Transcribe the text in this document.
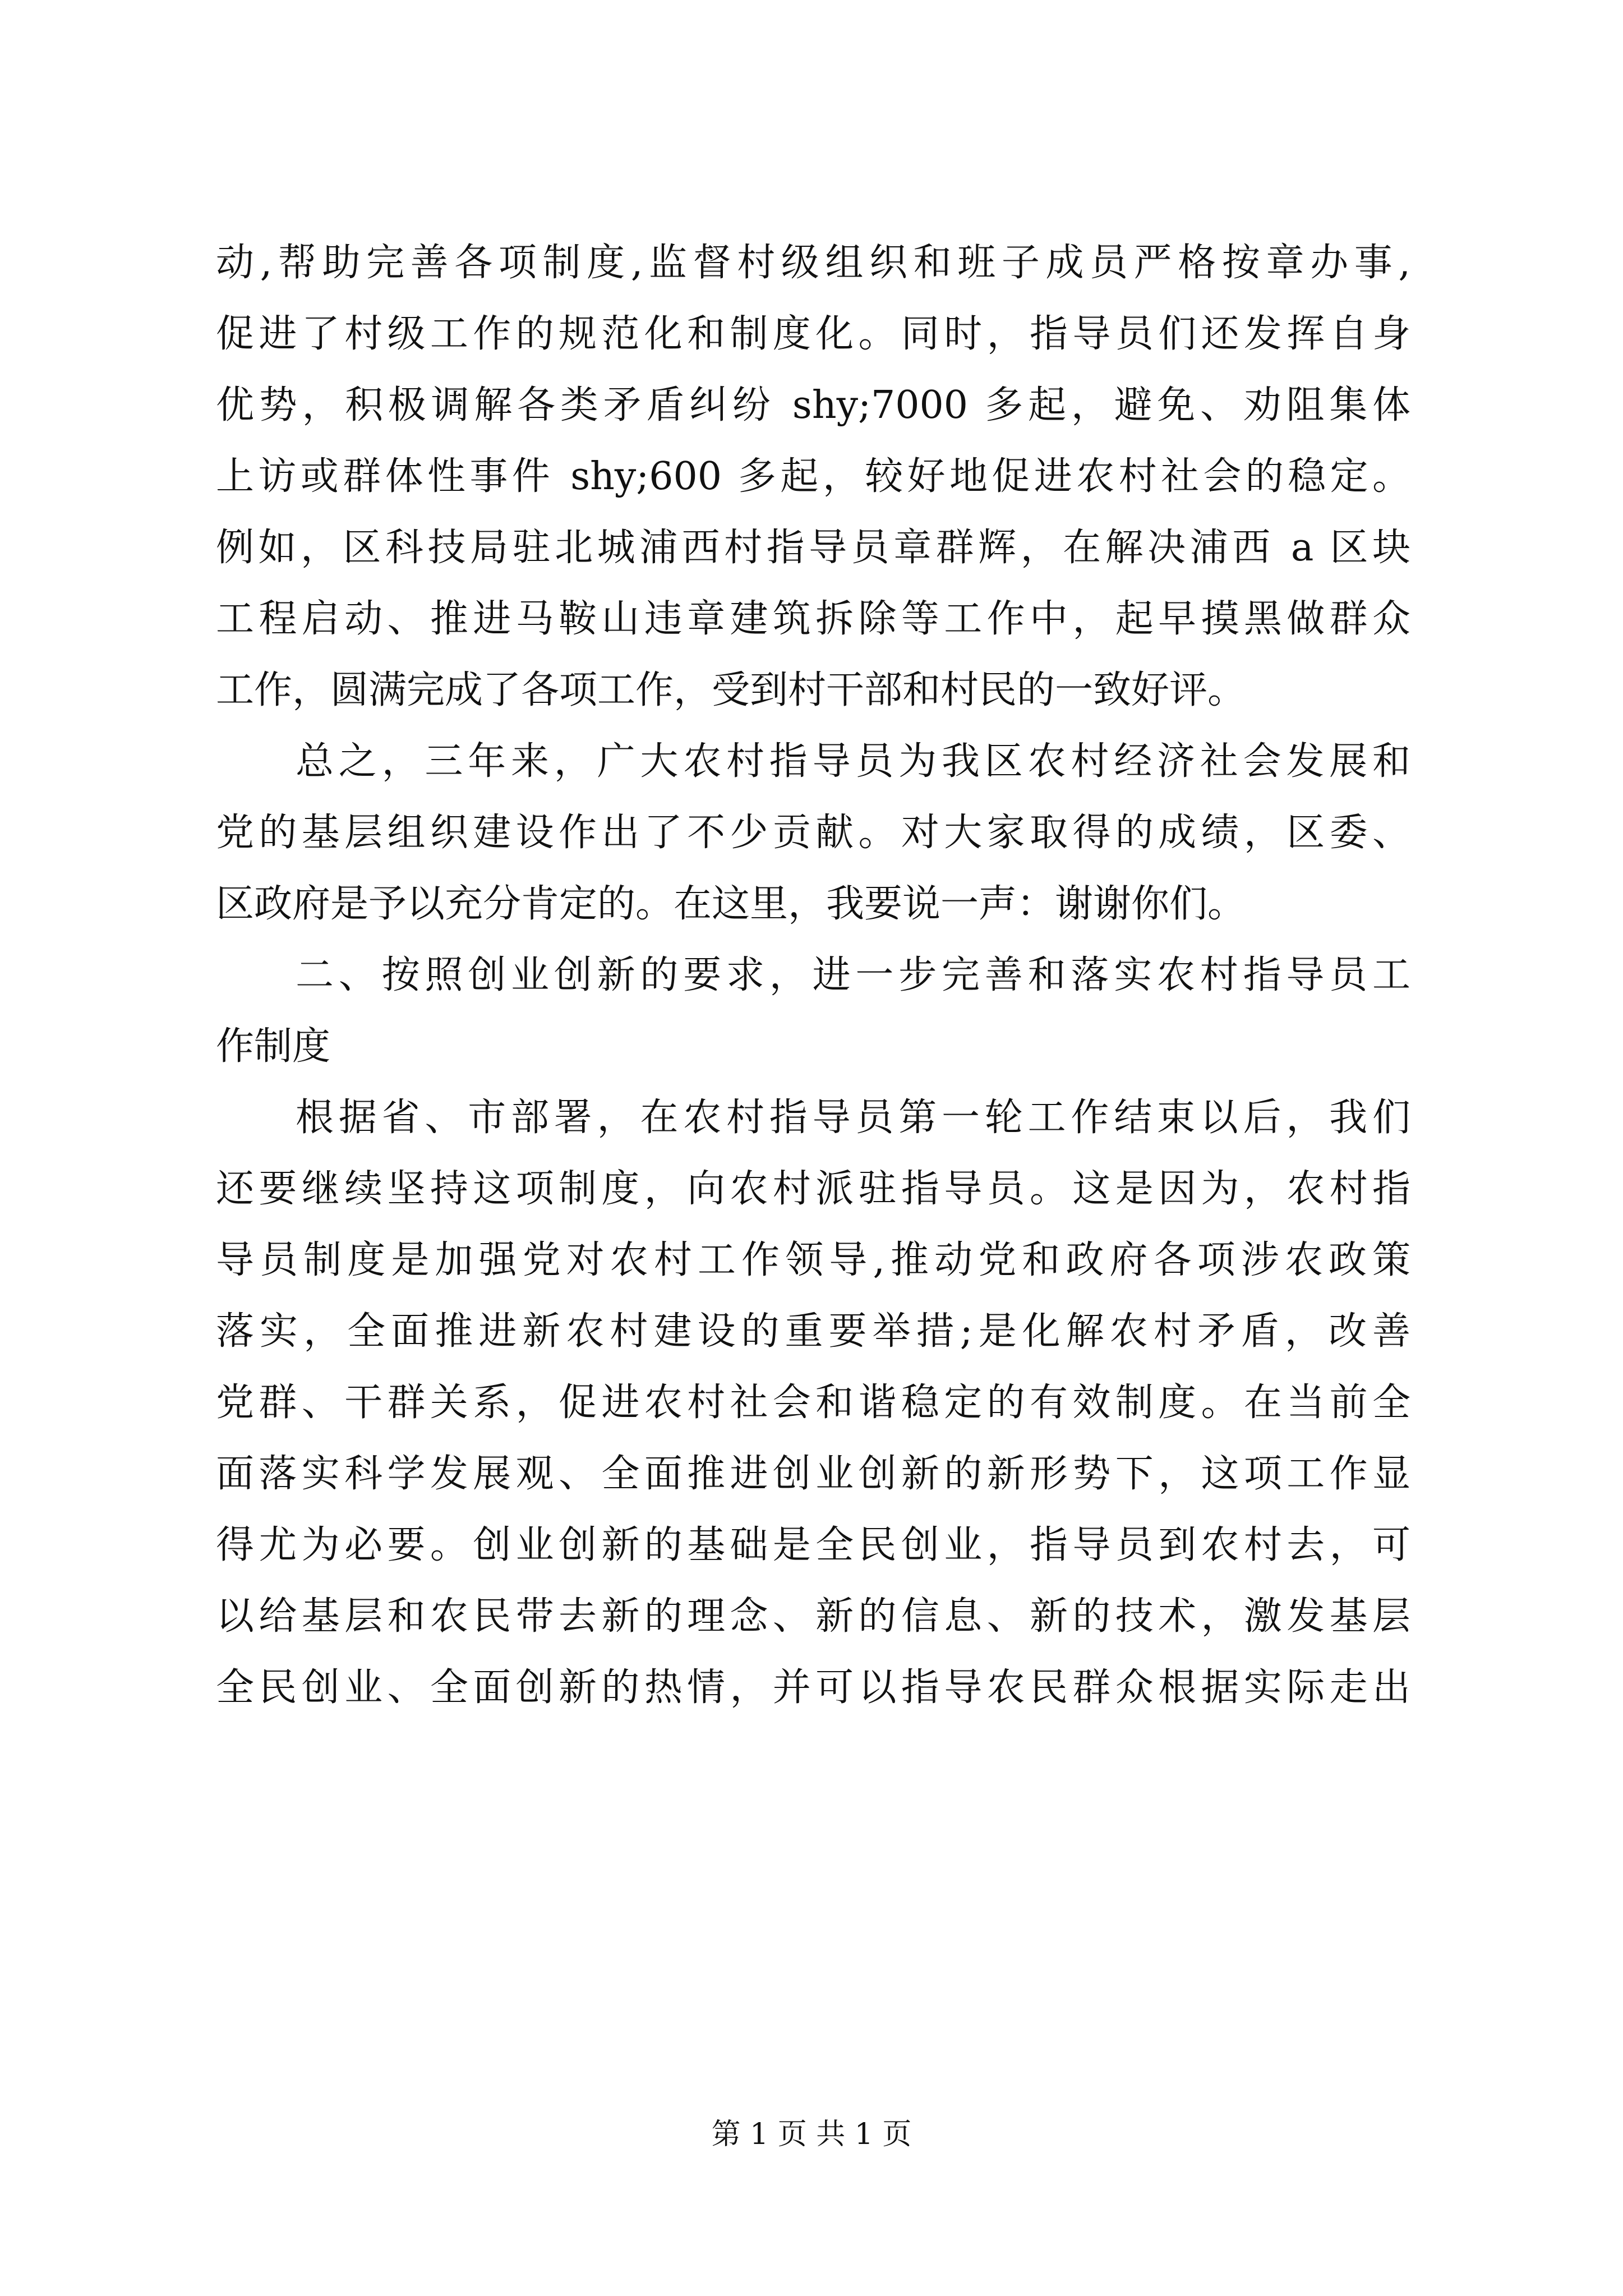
动,帮助完善各项制度,监督村级组织和班子成员严格按章办事,
促进了村级工作的规范化和制度化。同时，指导员们还发挥自身
优势，积极调解各类矛盾纠纷 shy;7000 多起，避免、劝阻集体
上访或群体性事件 shy;600 多起，较好地促进农村社会的稳定。
例如，区科技局驻北城浦西村指导员章群辉，在解决浦西 a 区块
工程启动、推进马鞍山违章建筑拆除等工作中，起早摸黑做群众
工作，圆满完成了各项工作，受到村干部和村民的一致好评。
总之，三年来，广大农村指导员为我区农村经济社会发展和
党的基层组织建设作出了不少贡献。对大家取得的成绩，区委、
区政府是予以充分肯定的。在这里，我要说一声：谢谢你们。
二、按照创业创新的要求，进一步完善和落实农村指导员工
作制度
根据省、市部署，在农村指导员第一轮工作结束以后，我们
还要继续坚持这项制度，向农村派驻指导员。这是因为，农村指
导员制度是加强党对农村工作领导,推动党和政府各项涉农政策
落实，全面推进新农村建设的重要举措;是化解农村矛盾，改善
党群、干群关系，促进农村社会和谐稳定的有效制度。在当前全
面落实科学发展观、全面推进创业创新的新形势下，这项工作显
得尤为必要。创业创新的基础是全民创业，指导员到农村去，可
以给基层和农民带去新的理念、新的信息、新的技术，激发基层
全民创业、全面创新的热情，并可以指导农民群众根据实际走出
第 1 页 共 1 页
